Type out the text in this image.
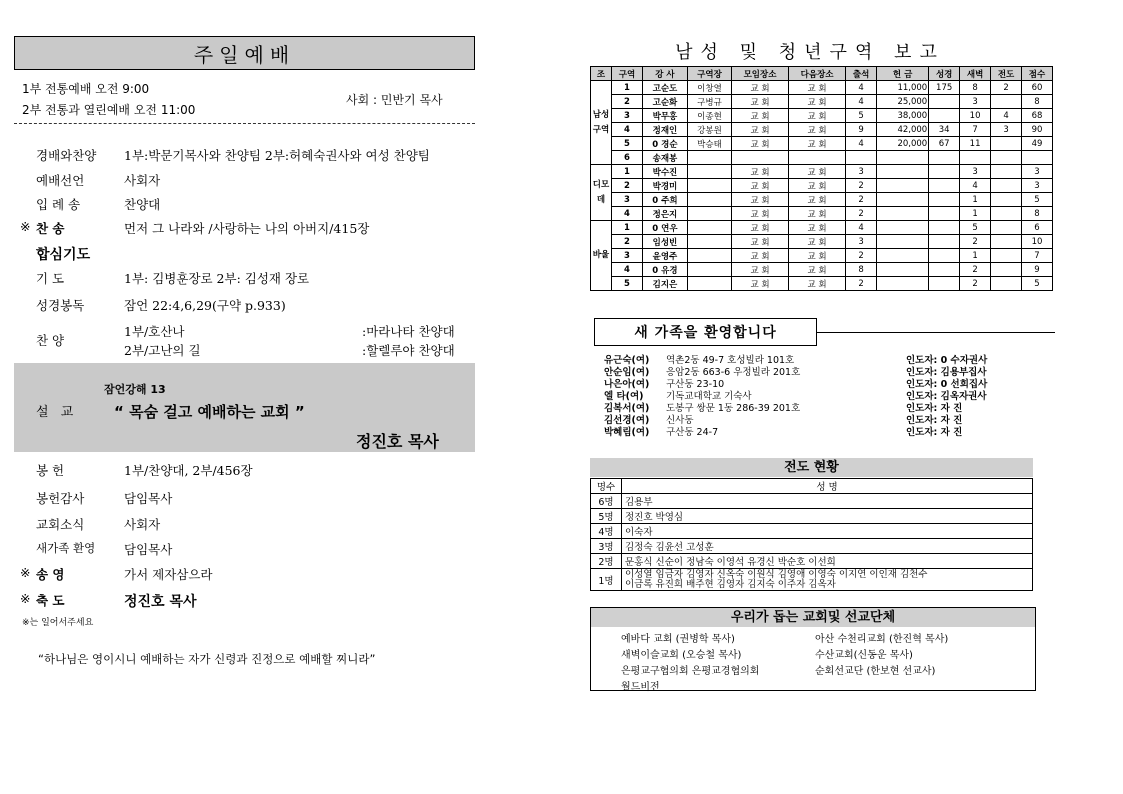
주일예배
1부 전통예배 오전 9:00
2부 전통과 열린예배 오전 11:00
사회 : 민반기 목사
경배와찬양 1부:박문기목사와 찬양팀 2부:허혜숙권사와 여성 찬양팀
예배선언	사회자
입 례 송	찬양대
※ 찬 송	먼저 그 나라와 /사랑하는 나의 아버지/415장
합심기도
기 도	1부: 김병훈장로 2부: 김성재 장로
성경봉독	잠언 22:4,6,29(구약 p.933)
찬 양
1부/호산나	:마라나타 찬양대
2부/고난의 길	:할렐루야 찬양대
설 교
잠언강해 13
“ 목숨 걸고 예배하는 교회 ”
정진호 목사
봉 헌	1부/찬양대, 2부/456장
봉헌감사	담임목사
교회소식	사회자
새가족 환영 담임목사
※ 송 영	가서 제자삼으라
※ 축 도	정진호 목사
※는 일어서주세요
“하나님은 영이시니 예배하는 자가 신령과 진정으로 예배할 찌니라”
남성 및 청년구역 보고
조	구역	강 사	구역장	모임장소	다음장소	출석	헌 금	성경	새벽	전도	점수
남성구역	1	고순도	이창열	교 회	교 회	4	11,000	175	8	2	60
	2	고순화	구병규	교 회	교 회	4	25,000		3		8
	3	박무홍	이종현	교 회	교 회	5	38,000		10	4	68
	4	정재인	강봉원	교 회	교 회	9	42,000	34	7	3	90
	5	0 경순	박승태	교 회	교 회	4	20,000	67	11		49
	6	송재봉									
디모데	1	박수진		교 회	교 회	3			3		3
	2	박경미		교 회	교 회	2			4		3
	3	0 주희		교 회	교 회	2			1		5
	4	정은지		교 회	교 회	2			1		8
바울	1	0 연우		교 회	교 회	4			5		6
	2	임성빈		교 회	교 회	3			2		10
	3	윤영주		교 회	교 회	2			1		7
	4	0 유경		교 회	교 회	8			2		9
	5	김지은		교 회	교 회	2			2		5
새 가족을 환영합니다
유근숙(여) 역촌2동 49-7 호성빌라 101호	인도자: 0 수자권사
안순임(여) 응암2동 663-6 우정빌라 201호	인도자: 김용부집사
나은아(여) 구산동 23-10	인도자: 0 선희집사
엘 타(여) 기독교대학교 기숙사	인도자: 김옥자권사
김복서(여) 도봉구 쌍문 1동 286-39 201호	인도자: 자 진
김선경(여) 신사동	인도자: 자 진
박혜림(여) 구산동 24-7	인도자: 자 진
전도 현황
명수	성 명
6명	김용부

5명	정진호 박영심

4명	이숙자

3명	김정숙 김윤선 고성훈

2명	문홍식 신순이 정남숙 이영석 유경신 박순호 이선희

1명	이성열 임금자 김영자 신옥숙 이원식 김영애 이영숙 이지연 이인재 김천수
이금록 유진희 배주현 김영자 김지숙 이주자 김옥자
우리가 돕는 교회및 선교단체
예바다 교회 (권병학 목사)	아산 수천리교회 (한진혁 목사)
새벽이슬교회 (오승철 목사)	수산교회(신동운 목사)
은평교구협의회 은평교경협의회	순회선교단 (한보현 선교사)
월드비전
